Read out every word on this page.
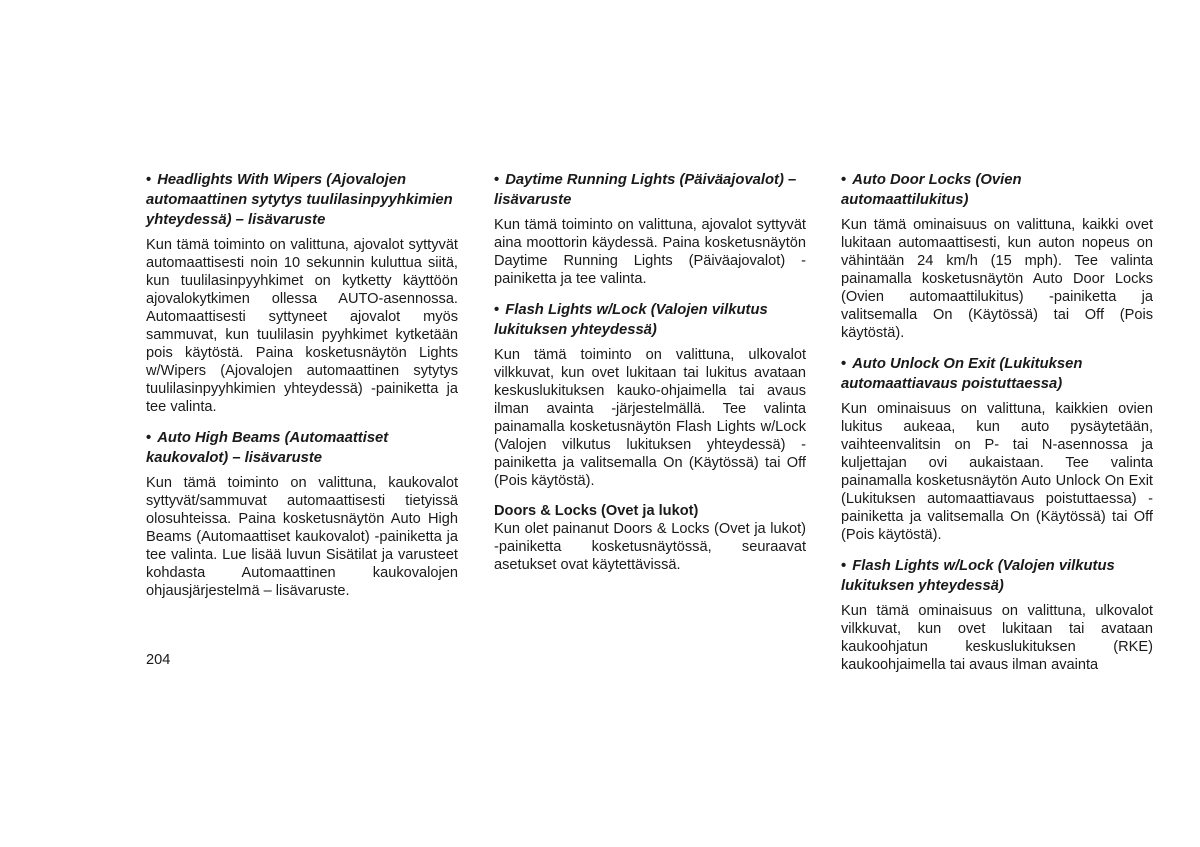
• Headlights With Wipers (Ajovalojen automaattinen sytytys tuulilasinpyyhkimien yhteydessä) – lisävaruste

Kun tämä toiminto on valittuna, ajovalot syttyvät automaattisesti noin 10 sekunnin kuluttua siitä, kun tuulilasinpyyhkimet on kytketty käyttöön ajovalokytkimen ollessa AUTO-asennossa. Automaattisesti syttyneet ajovalot myös sammuvat, kun tuulilasin pyyhkimet kytketään pois käytöstä. Paina kosketusnäytön Lights w/Wipers (Ajovalojen automaattinen sytytys tuulilasinpyyhkimien yhteydessä) -painiketta ja tee valinta.

• Auto High Beams (Automaattiset kaukovalot) – lisävaruste

Kun tämä toiminto on valittuna, kaukovalot syttyvät/sammuvat automaattisesti tietyissä olosuhteissa. Paina kosketusnäytön Auto High Beams (Automaattiset kaukovalot) -painiketta ja tee valinta. Lue lisää luvun Sisätilat ja varusteet kohdasta Automaattinen kaukovalojen ohjausjärjestelmä – lisävaruste.

• Daytime Running Lights (Päiväajovalot) – lisävaruste

Kun tämä toiminto on valittuna, ajovalot syttyvät aina moottorin käydessä. Paina kosketusnäytön Daytime Running Lights (Päiväajovalot) -painiketta ja tee valinta.

• Flash Lights w/Lock (Valojen vilkutus lukituksen yhteydessä)

Kun tämä toiminto on valittuna, ulkovalot vilkkuvat, kun ovet lukitaan tai lukitus avataan keskuslukituksen kauko-ohjaimella tai avaus ilman avainta -järjestelmällä. Tee valinta painamalla kosketusnäytön Flash Lights w/Lock (Valojen vilkutus lukituksen yhteydessä) -painiketta ja valitsemalla On (Käytössä) tai Off (Pois käytöstä).

Doors & Locks (Ovet ja lukot)

Kun olet painanut Doors & Locks (Ovet ja lukot) -painiketta kosketusnäytössä, seuraavat asetukset ovat käytettävissä.

• Auto Door Locks (Ovien automaattilukitus)

Kun tämä ominaisuus on valittuna, kaikki ovet lukitaan automaattisesti, kun auton nopeus on vähintään 24 km/h (15 mph). Tee valinta painamalla kosketusnäytön Auto Door Locks (Ovien automaattilukitus) -painiketta ja valitsemalla On (Käytössä) tai Off (Pois käytöstä).

• Auto Unlock On Exit (Lukituksen automaattiavaus poistuttaessa)

Kun ominaisuus on valittuna, kaikkien ovien lukitus aukeaa, kun auto pysäytetään, vaihteenvalitsin on P- tai N-asennossa ja kuljettajan ovi aukaistaan. Tee valinta painamalla kosketusnäytön Auto Unlock On Exit (Lukituksen automaattiavaus poistuttaessa) -painiketta ja valitsemalla On (Käytössä) tai Off (Pois käytöstä).

• Flash Lights w/Lock (Valojen vilkutus lukituksen yhteydessä)

Kun tämä ominaisuus on valittuna, ulkovalot vilkkuvat, kun ovet lukitaan tai avataan kaukoohjatun keskuslukituksen (RKE) kaukoohjaimella tai avaus ilman avainta

204
